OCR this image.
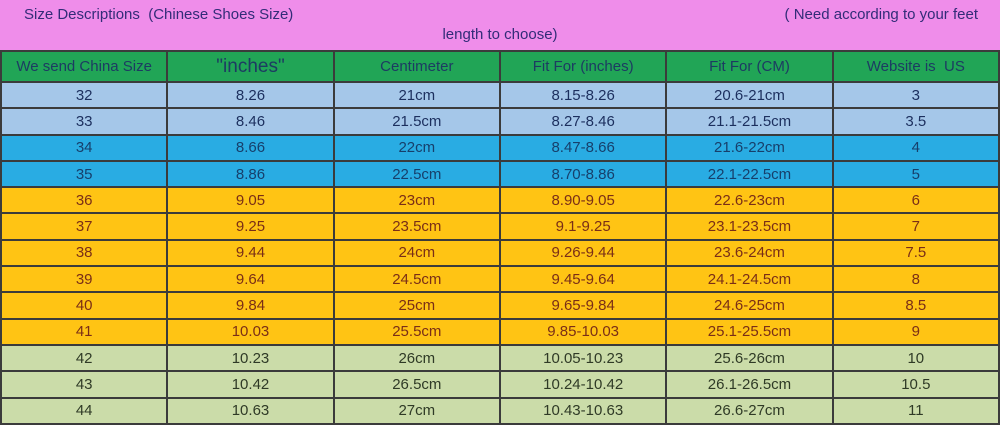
Size Descriptions  (Chinese Shoes Size)	( Need according to your feet
length to choose)
We send China Size	"inches"	Centimeter	Fit For (inches)	Fit For (CM)	Website is  US
32	8.26	21cm	8.15-8.26	20.6-21cm	3
33	8.46	21.5cm	8.27-8.46	21.1-21.5cm	3.5
34	8.66	22cm	8.47-8.66	21.6-22cm	4
35	8.86	22.5cm	8.70-8.86	22.1-22.5cm	5
36	9.05	23cm	8.90-9.05	22.6-23cm	6
37	9.25	23.5cm	9.1-9.25	23.1-23.5cm	7
38	9.44	24cm	9.26-9.44	23.6-24cm	7.5
39	9.64	24.5cm	9.45-9.64	24.1-24.5cm	8
40	9.84	25cm	9.65-9.84	24.6-25cm	8.5
41	10.03	25.5cm	9.85-10.03	25.1-25.5cm	9
42	10.23	26cm	10.05-10.23	25.6-26cm	10
43	10.42	26.5cm	10.24-10.42	26.1-26.5cm	10.5
44	10.63	27cm	10.43-10.63	26.6-27cm	11
